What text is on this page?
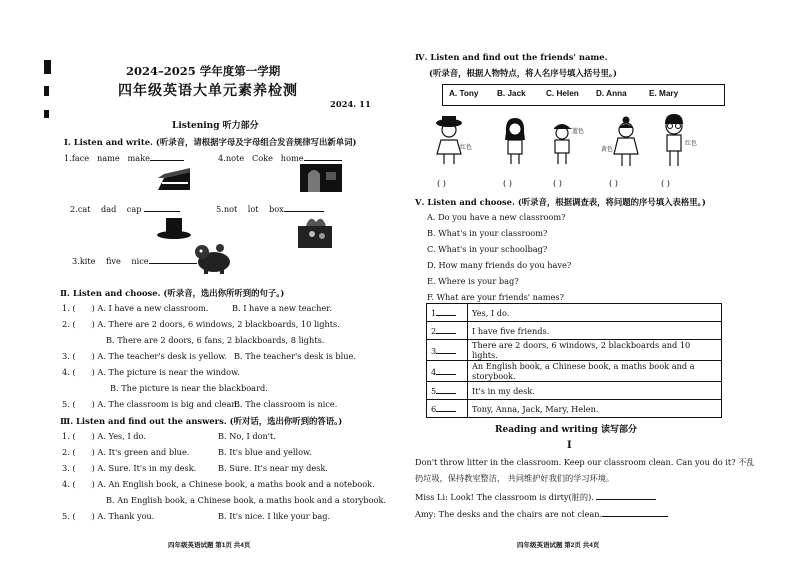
2024–2025 学年度第一学期
四年级英语大单元素养检测
2024. 11
Listening 听力部分
Ⅰ. Listen and write. (听录音，请根据字母及字母组合发音规律写出新单词)
1.face name make	4.note Coke home
2.cat dad cap	5.not lot box
3.kite five nice
Ⅱ. Listen and choose. (听录音，选出你所听到的句子。)
1. ( ) A. I have a new classroom.	B. I have a new teacher.
2. ( ) A. There are 2 doors, 6 windows, 2 blackboards, 10 lights.
B. There are 2 doors, 6 fans, 2 blackboards, 8 lights.
3. ( ) A. The teacher's desk is yellow. B. The teacher's desk is blue.
4. ( ) A. The picture is near the window.
B. The picture is near the blackboard.
5. ( ) A. The classroom is big and clean.
B. The classroom is nice.
Ⅲ. Listen and find out the answers. (听对话，选出你听到的答语。)
1. ( ) A. Yes, I do.	B. No, I don't.
2. ( ) A. It's green and blue.	B. It's blue and yellow.
3. ( ) A. Sure. It's in my desk.	B. Sure. It's near my desk.
4. ( ) A. An English book, a Chinese book, a maths book and a notebook.
B. An English book, a Chinese book, a maths book and a storybook.
5. ( ) A. Thank you.	B. It's nice. I like your bag.
四年级英语试题 第1页 共4页
Ⅳ. Listen and find out the friends' name.
(听录音，根据人物特点，将人名序号填入括号里。)
A. Tony B. Jack C. Helen D. Anna	E. Mary
红色
蓝色
黄色
红色
( )	( )	( )	( )	( )
Ⅴ. Listen and choose. (听录音，根据调查表，将问题的序号填入表格里。)
A. Do you have a new classroom?
B. What's in your classroom?
C. What's in your schoolbag?
D. How many friends do you have?
E. Where is your bag?
F. What are your friends' names?
1	Yes, I do.
2	I have five friends.
3	There are 2 doors, 6 windows, 2 blackboards and 10 lights.
4	An English book, a Chinese book, a maths book and a storybook.
5	It's in my desk.
6	Tony, Anna, Jack, Mary, Helen.
Reading and writing 读写部分
Ⅰ
Don't throw litter in the classroom. Keep our classroom clean. Can you do it? 不乱
扔垃圾，保持教室整洁， 共同维护好我们的学习环境。
Miss Li: Look! The classroom is dirty(脏的).
Amy: The desks and the chairs are not clean.
四年级英语试题 第2页 共4页
